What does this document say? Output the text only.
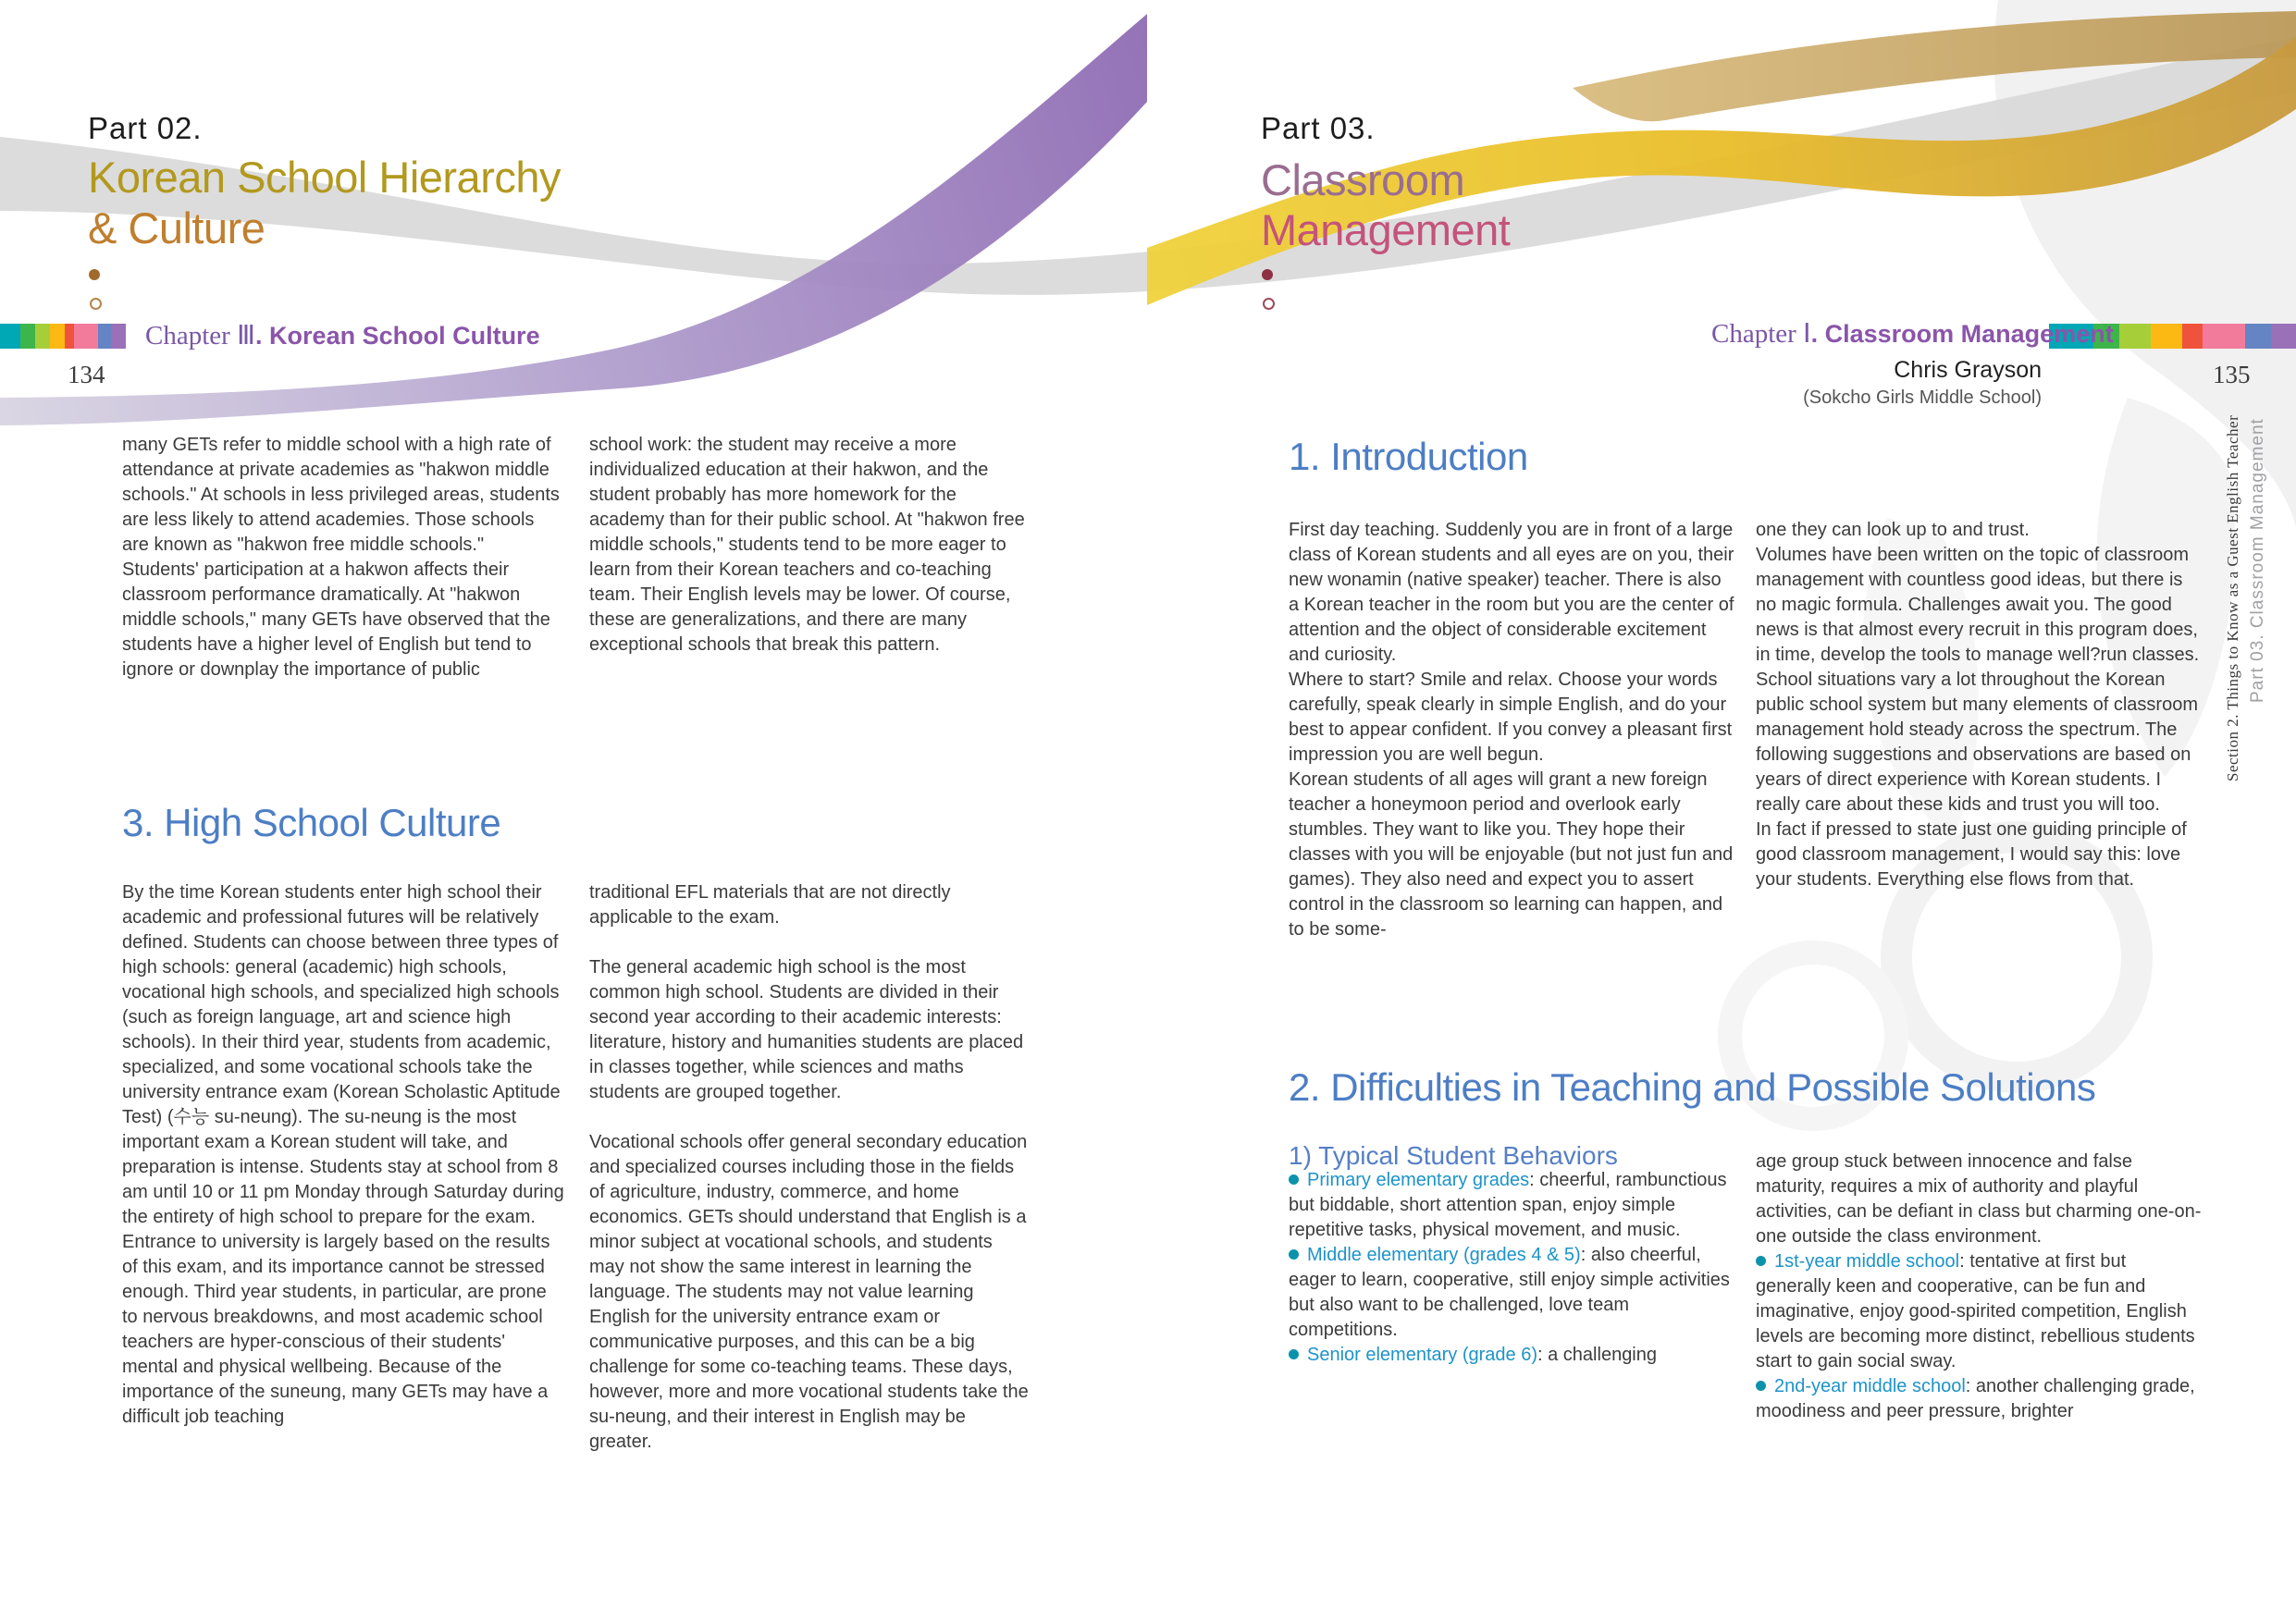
Part 02.
Korean School Hierarchy
& Culture
Chapter Ⅲ. Korean School Culture
134

many GETs refer to middle school with a high rate of attendance at private academies as "hakwon middle schools." At schools in less privileged areas, students are less likely to attend academies. Those schools are known as "hakwon free middle schools." Students' participation at a hakwon affects their classroom performance dramatically. At "hakwon middle schools," many GETs have observed that the students have a higher level of English but tend to ignore or downplay the importance of public

school work: the student may receive a more individualized education at their hakwon, and the student probably has more homework for the academy than for their public school. At "hakwon free middle schools," students tend to be more eager to learn from their Korean teachers and co-teaching team. Their English levels may be lower. Of course, these are generalizations, and there are many exceptional schools that break this pattern.

3. High School Culture

By the time Korean students enter high school their academic and professional futures will be relatively defined. Students can choose between three types of high schools: general (academic) high schools, vocational high schools, and specialized high schools (such as foreign language, art and science high schools). In their third year, students from academic, specialized, and some vocational schools take the university entrance exam (Korean Scholastic Aptitude Test) (수능 su-neung). The su-neung is the most important exam a Korean student will take, and preparation is intense. Students stay at school from 8 am until 10 or 11 pm Monday through Saturday during the entirety of high school to prepare for the exam. Entrance to university is largely based on the results of this exam, and its importance cannot be stressed enough. Third year students, in particular, are prone to nervous breakdowns, and most academic school teachers are hyper-conscious of their students' mental and physical wellbeing. Because of the importance of the suneung, many GETs may have a difficult job teaching

traditional EFL materials that are not directly applicable to the exam.

The general academic high school is the most common high school. Students are divided in their second year according to their academic interests: literature, history and humanities students are placed in classes together, while sciences and maths students are grouped together.

Vocational schools offer general secondary education and specialized courses including those in the fields of agriculture, industry, commerce, and home economics. GETs should understand that English is a minor subject at vocational schools, and students may not show the same interest in learning the language. The students may not value learning English for the university entrance exam or communicative purposes, and this can be a big challenge for some co-teaching teams. These days, however, more and more vocational students take the su-neung, and their interest in English may be greater.

Part 03.
Classroom
Management
Chapter Ⅰ. Classroom Management
Chris Grayson
(Sokcho Girls Middle School)
135
Section 2. Things to Know as a Guest English Teacher Part 03. Classroom Management
1. Introduction

First day teaching. Suddenly you are in front of a large class of Korean students and all eyes are on you, their new wonamin (native speaker) teacher. There is also a Korean teacher in the room but you are the center of attention and the object of considerable excitement and curiosity.

Where to start? Smile and relax. Choose your words carefully, speak clearly in simple English, and do your best to appear confident. If you convey a pleasant first impression you are well begun.

Korean students of all ages will grant a new foreign teacher a honeymoon period and overlook early stumbles. They want to like you. They hope their classes with you will be enjoyable (but not just fun and games). They also need and expect you to assert control in the classroom so learning can happen, and to be some-

one they can look up to and trust.

Volumes have been written on the topic of classroom management with countless good ideas, but there is no magic formula. Challenges await you. The good news is that almost every recruit in this program does, in time, develop the tools to manage well?run classes.

School situations vary a lot throughout the Korean public school system but many elements of classroom management hold steady across the spectrum. The following suggestions and observations are based on years of direct experience with Korean students. I really care about these kids and trust you will too.

In fact if pressed to state just one guiding principle of good classroom management, I would say this: love your students. Everything else flows from that.

2. Difficulties in Teaching and Possible Solutions
1) Typical Student Behaviors

Primary elementary grades: cheerful, rambunctious but biddable, short attention span, enjoy simple repetitive tasks, physical movement, and music.

Middle elementary (grades 4 & 5): also cheerful, eager to learn, cooperative, still enjoy simple activities but also want to be challenged, love team competitions.

Senior elementary (grade 6): a challenging

age group stuck between innocence and false maturity, requires a mix of authority and playful activities, can be defiant in class but charming one-on-one outside the class environment.

1st-year middle school: tentative at first but generally keen and cooperative, can be fun and imaginative, enjoy good-spirited competition, English levels are becoming more distinct, rebellious students start to gain social sway.

2nd-year middle school: another challenging grade, moodiness and peer pressure, brighter
